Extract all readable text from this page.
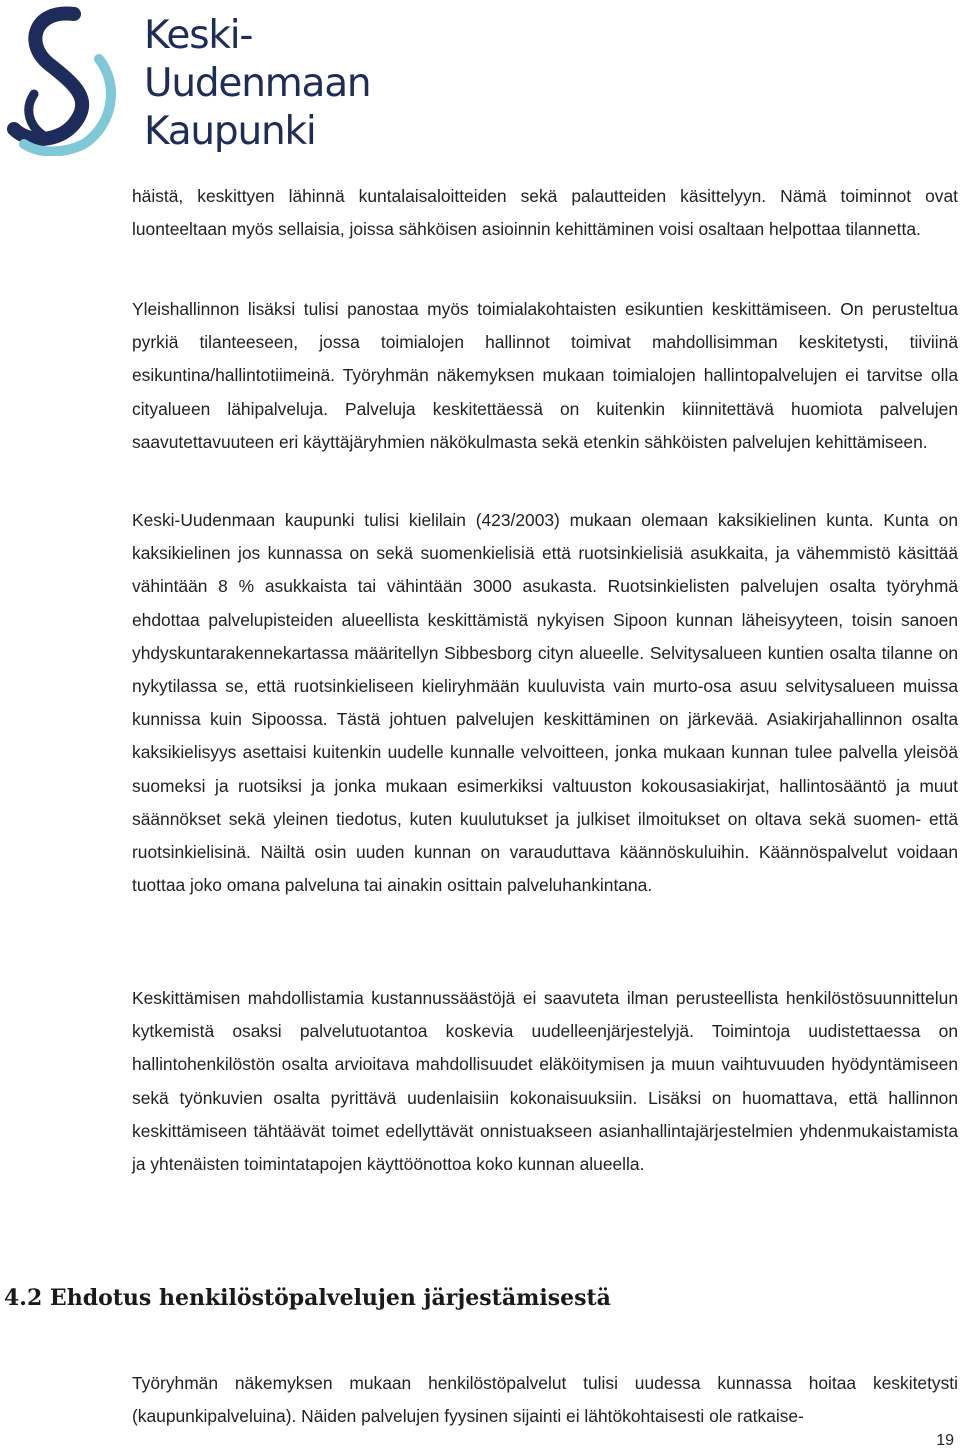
Keski-
Uudenmaan
Kaupunki

häistä, keskittyen lähinnä kuntalaisaloitteiden sekä palautteiden käsittelyyn. Nämä toiminnot ovat luonteeltaan myös sellaisia, joissa sähköisen asioinnin kehittäminen voisi osaltaan helpottaa tilannetta.

Yleishallinnon lisäksi tulisi panostaa myös toimialakohtaisten esikuntien keskittämiseen. On perusteltua pyrkiä tilanteeseen, jossa toimialojen hallinnot toimivat mahdollisimman keskitetysti, tiiviinä esikuntina/hallintotiimeinä. Työryhmän näkemyksen mukaan toimialojen hallintopalvelujen ei tarvitse olla cityalueen lähipalveluja. Palveluja keskitettäessä on kuitenkin kiinnitettävä huomiota palvelujen saavutettavuuteen eri käyttäjäryhmien näkökulmasta sekä etenkin sähköisten palvelujen kehittämiseen.

Keski-Uudenmaan kaupunki tulisi kielilain (423/2003) mukaan olemaan kaksikielinen kunta. Kunta on kaksikielinen jos kunnassa on sekä suomenkielisiä että ruotsinkielisiä asukkaita, ja vähemmistö käsittää vähintään 8 % asukkaista tai vähintään 3000 asukasta. Ruotsinkielisten palvelujen osalta työryhmä ehdottaa palvelupisteiden alueellista keskittämistä nykyisen Sipoon kunnan läheisyyteen, toisin sanoen yhdyskuntarakennekartassa määritellyn Sibbesborg cityn alueelle. Selvitysalueen kuntien osalta tilanne on nykytilassa se, että ruotsinkieliseen kieliryhmään kuuluvista vain murto-osa asuu selvitysalueen muissa kunnissa kuin Sipoossa. Tästä johtuen palvelujen keskittäminen on järkevää. Asiakirjahallinnon osalta kaksikielisyys asettaisi kuitenkin uudelle kunnalle velvoitteen, jonka mukaan kunnan tulee palvella yleisöä suomeksi ja ruotsiksi ja jonka mukaan esimerkiksi valtuuston kokousasiakirjat, hallintosääntö ja muut säännökset sekä yleinen tiedotus, kuten kuulutukset ja julkiset ilmoitukset on oltava sekä suomen- että ruotsinkielisinä. Näiltä osin uuden kunnan on varauduttava käännöskuluihin. Käännöspalvelut voidaan tuottaa joko omana palveluna tai ainakin osittain palveluhankintana.

Keskittämisen mahdollistamia kustannussäästöjä ei saavuteta ilman perusteellista henkilöstösuunnittelun kytkemistä osaksi palvelutuotantoa koskevia uudelleenjärjestelyjä. Toimintoja uudistettaessa on hallintohenkilöstön osalta arvioitava mahdollisuudet eläköitymisen ja muun vaihtuvuuden hyödyntämiseen sekä työnkuvien osalta pyrittävä uudenlaisiin kokonaisuuksiin. Lisäksi on huomattava, että hallinnon keskittämiseen tähtäävät toimet edellyttävät onnistuakseen asianhallintajärjestelmien yhdenmukaistamista ja yhtenäisten toimintatapojen käyttöönottoa koko kunnan alueella.

Työryhmän näkemyksen mukaan henkilöstöpalvelut tulisi uudessa kunnassa hoitaa keskitetysti (kaupunkipalveluina). Näiden palvelujen fyysinen sijainti ei lähtökohtaisesti ole ratkaise-

4.2 Ehdotus henkilöstöpalvelujen järjestämisestä
19
